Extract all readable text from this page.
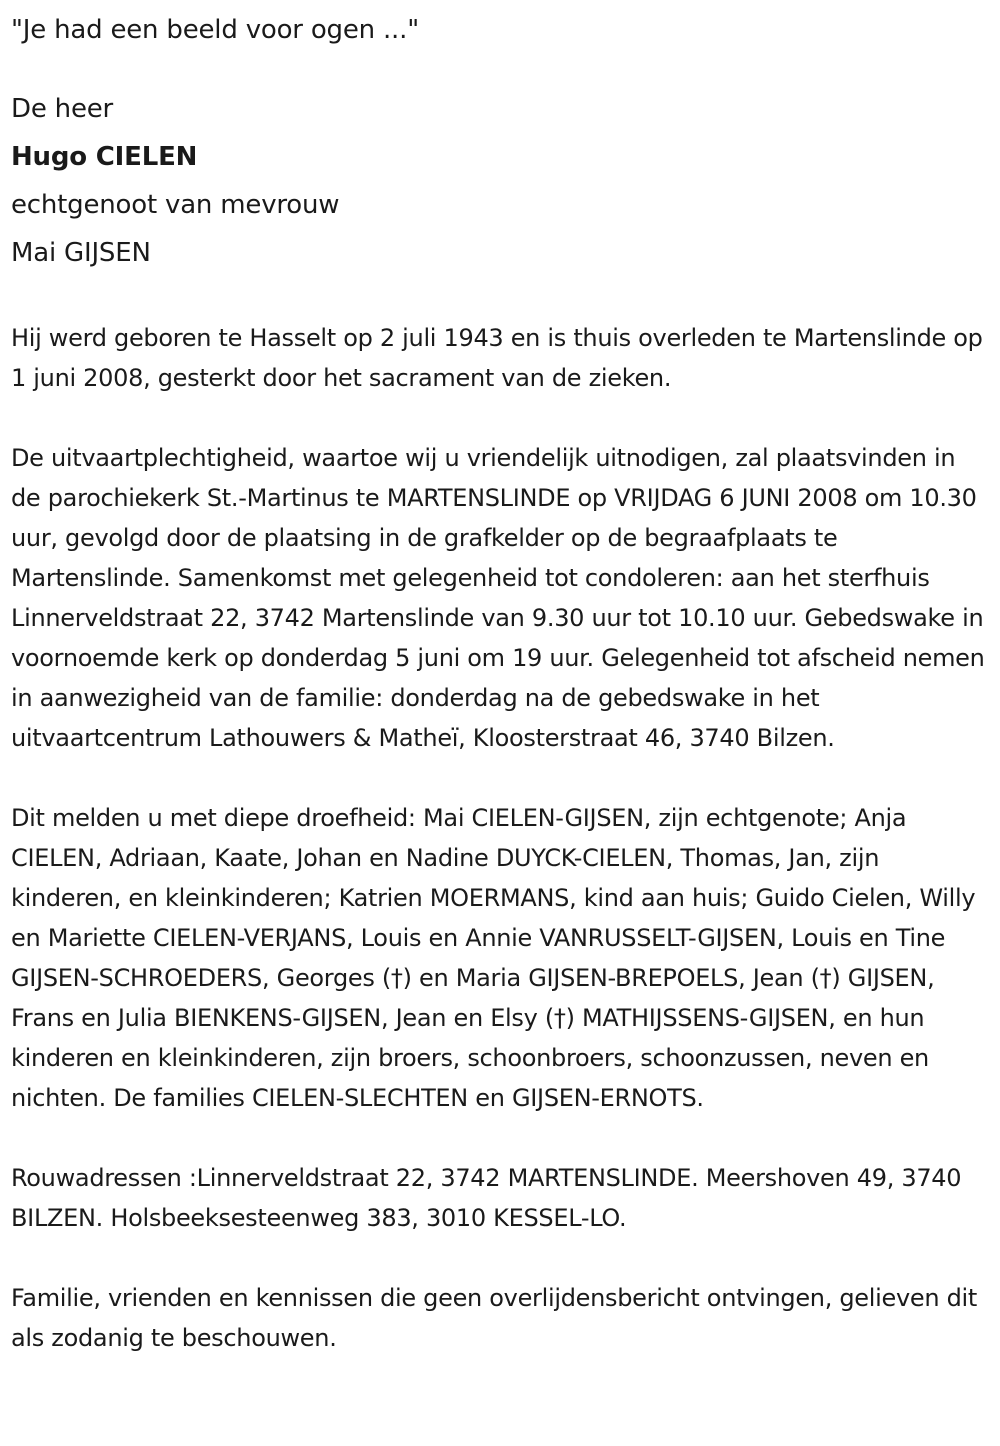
"Je had een beeld voor ogen ..."
De heer
Hugo CIELEN
echtgenoot van mevrouw
Mai GIJSEN

Hij werd geboren te Hasselt op 2 juli 1943 en is thuis overleden te Martenslinde op 1 juni 2008, gesterkt door het sacrament van de zieken.

De uitvaartplechtigheid, waartoe wij u vriendelijk uitnodigen, zal plaatsvinden in de parochiekerk St.-Martinus te MARTENSLINDE op VRIJDAG 6 JUNI 2008 om 10.30 uur, gevolgd door de plaatsing in de grafkelder op de begraafplaats te Martenslinde. Samenkomst met gelegenheid tot condoleren: aan het sterfhuis Linnerveldstraat 22, 3742 Martenslinde van 9.30 uur tot 10.10 uur. Gebedswake in voornoemde kerk op donderdag 5 juni om 19 uur. Gelegenheid tot afscheid nemen in aanwezigheid van de familie: donderdag na de gebedswake in het uitvaartcentrum Lathouwers & Matheï, Kloosterstraat 46, 3740 Bilzen.

Dit melden u met diepe droefheid: Mai CIELEN-GIJSEN, zijn echtgenote; Anja CIELEN, Adriaan, Kaate, Johan en Nadine DUYCK-CIELEN, Thomas, Jan, zijn kinderen, en kleinkinderen; Katrien MOERMANS, kind aan huis; Guido Cielen, Willy en Mariette CIELEN-VERJANS, Louis en Annie VANRUSSELT-GIJSEN, Louis en Tine GIJSEN-SCHROEDERS, Georges (†) en Maria GIJSEN-BREPOELS, Jean (†) GIJSEN, Frans en Julia BIENKENS-GIJSEN, Jean en Elsy (†) MATHIJSSENS-GIJSEN, en hun kinderen en kleinkinderen, zijn broers, schoonbroers, schoonzussen, neven en nichten. De families CIELEN-SLECHTEN en GIJSEN-ERNOTS.

Rouwadressen :Linnerveldstraat 22, 3742 MARTENSLINDE. Meershoven 49, 3740 BILZEN. Holsbeeksesteenweg 383, 3010 KESSEL-LO.

Familie, vrienden en kennissen die geen overlijdensbericht ontvingen, gelieven dit als zodanig te beschouwen.
